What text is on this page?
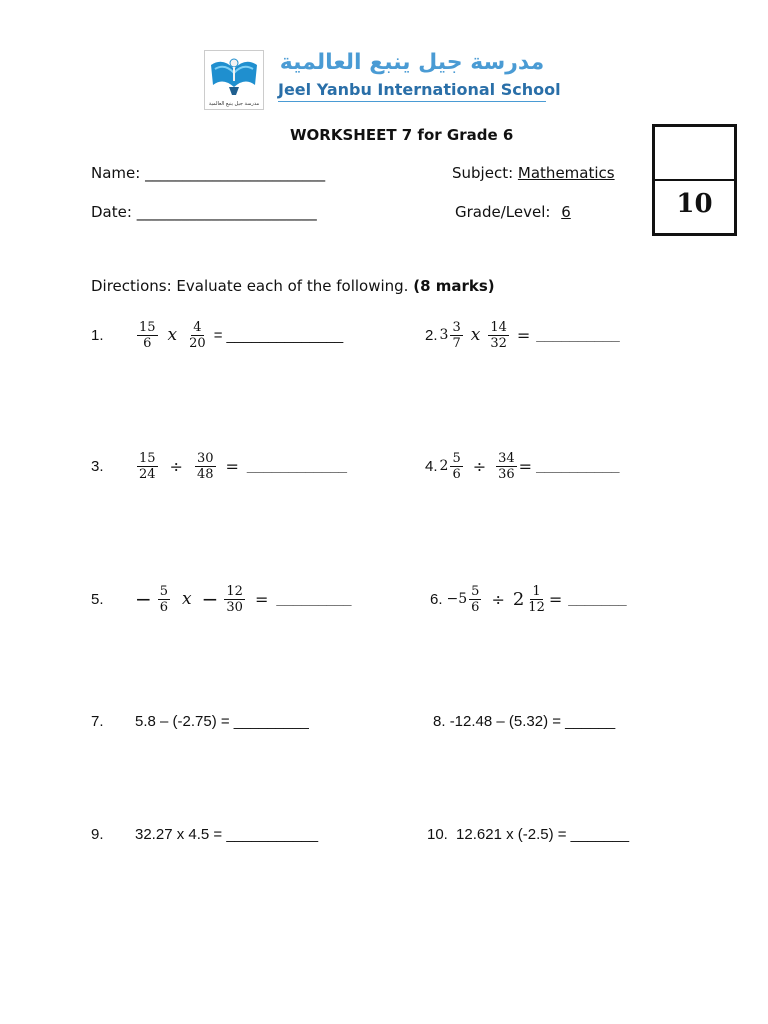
مدرسة جيل ينبع العالمية
مدرسة جيل ينبع العالمية
Jeel Yanbu International School
WORKSHEET 7 for Grade 6
10
Name: ________________________	Subject: Mathematics
Date: ________________________	Grade/Level: 6
Directions: Evaluate each of the following. (8 marks)
1.	$\frac{15}{6}$ x $\frac{4}{20}$ = ______________	2. $3 \frac{3}{7}$ x $\frac{14}{32}$ = __________
3.	$\frac{15}{24} \div \frac{30}{48}$ = ____________	4. $2 \frac{5}{6} \div \frac{34}{36}$ = __________
5.	− $\frac{5}{6}$ $x - \frac{12}{30}$ = _________	6. $-5 \frac{5}{6} \div 2 \frac{1}{12}$ = _______
7. 5.8 – (-2.75) = _________	8. -12.48 – (5.32) = ______
9. 32.27 x 4.5 = ___________	10. 12.621 x (-2.5) = _______
